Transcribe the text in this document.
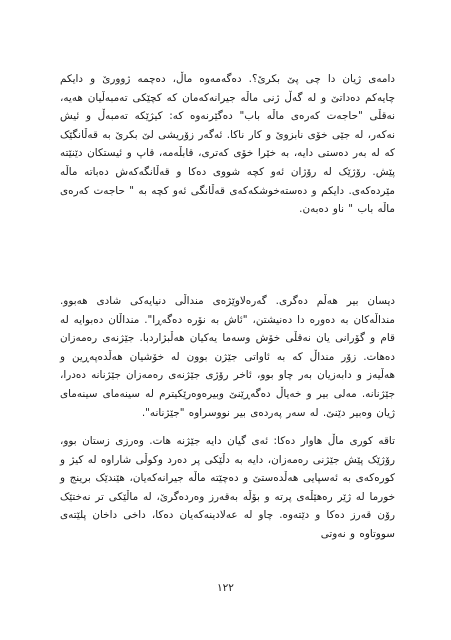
دامەی ژیان دا چی پێ بکرێ؟. دەگەمەوە ماڵ، دەچمە ژوورێ و دایکم چایەکم دەداتێ و لە گەڵ ژنی ماڵە جیرانەکەمان کە کچێکی تەمبەڵیان هەیە، نەقڵی "حاجەت کەرەی ماڵە باب" دەگێرنەوە کە: کیژێکە تەمبەڵ و ئیش نەکەر، لە جێی خۆی نابزوێ و کار ناکا. ئەگەر زۆریشی لێ بکرێ بە قەڵانگێک کە لە بەر دەستی دایە، بە خێرا خۆی کەتری، قابڵەمە، قاپ و ئیستکان دێنێتە پێش. رۆژێک لە رۆژان ئەو کچە شووی دەکا و قەڵانگەکەش دەباتە ماڵە مێردەکەی. دایکم و دەستەخوشکەکەی قەڵانگی ئەو کچە بە " حاجەت کەرەی ماڵە باب " ناو دەبەن.
دیسان بیر هەڵم دەگری. گەرەلاوێژەی منداڵی دنیایەکی شادی هەبوو. منداڵەکان بە دەورە دا دەنیشتن، "ئاش بە نۆرە دەگەڕا". منداڵان دەبوایە لە قام و گۆرانی یان نەقڵی خۆش وسەما یەکیان هەڵبژاردبا. جێژنەی رەمەزان دەهات. زۆر منداڵ کە بە ئاواتی جێژن بوون لە خۆشیان هەڵدەپەڕین و هەڵیەز و دابەزیان بەر چاو بوو، ئاخر رۆژی جێژنەی رەمەزان جێژنانە دەدرا، جێژنانە. مەلی بیر و خەیاڵ دەگەڕێنێ وبیرەوەرێکیترم لە سینەمای سینەمای ژیان وەبیر دێنێ. لە سەر پەردەی بیر نووسراوە "جێژنانە".
تاقە کوری ماڵ هاوار دەکا: ئەی گیان دایە جێژنە هات. وەرزی زستان بوو، رۆژێک پێش جێژنی رەمەزان، دایە بە دڵێکی پر دەرد وکوڵی شاراوە لە کیژ و کورەکەی بە ئەسپایی هەڵدەستێ و دەچێتە ماڵە جیرانەکەیان، هێندێک برینج و خورما لە ژێر رەهێڵەی پرتە و بۆڵە بەقەرز وەردەگرێ، لە ماڵێکی تر نەختێک رۆن قەرز دەکا و دێتەوە. چاو لە عەلادینەکەیان دەکا، داخی داخان پلێتەی سووتاوە و نەوتی
١٢٢
